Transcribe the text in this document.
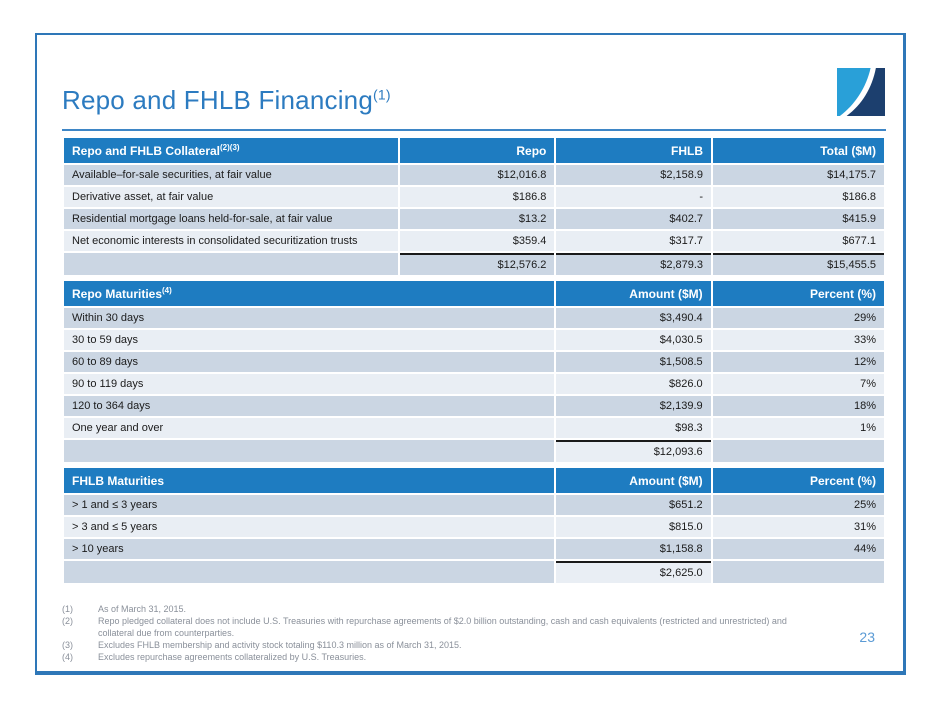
Repo and FHLB Financing$^{(1)}$
Repo and FHLB Collateral$^{(2)(3)}$	Repo	FHLB	Total ($M)
Available–for-sale securities, at fair value	$12,016.8	$2,158.9	$14,175.7
Derivative asset, at fair value	$186.8	-	$186.8
Residential mortgage loans held-for-sale, at fair value	$13.2	$402.7	$415.9
Net economic interests in consolidated securitization trusts	$359.4	$317.7	$677.1
	$12,576.2	$2,879.3	$15,455.5
Repo Maturities$^{(4)}$	Amount ($M)	Percent (%)
Within 30 days	$3,490.4	29%
30 to 59 days	$4,030.5	33%
60 to 89 days	$1,508.5	12%
90 to 119 days	$826.0	7%
120 to 364 days	$2,139.9	18%
One year and over	$98.3	1%
	$12,093.6	
FHLB Maturities	Amount ($M)	Percent (%)
> 1 and ≤ 3 years	$651.2	25%
> 3 and ≤ 5 years	$815.0	31%
> 10 years	$1,158.8	44%
	$2,625.0	
(1)	As of March 31, 2015.
(2)	Repo pledged collateral does not include U.S. Treasuries with repurchase agreements of $2.0 billion outstanding, cash and cash equivalents (restricted and unrestricted) and collateral due from counterparties.
(3)	Excludes FHLB membership and activity stock totaling $110.3 million as of March 31, 2015.
(4)	Excludes repurchase agreements collateralized by U.S. Treasuries.
23
